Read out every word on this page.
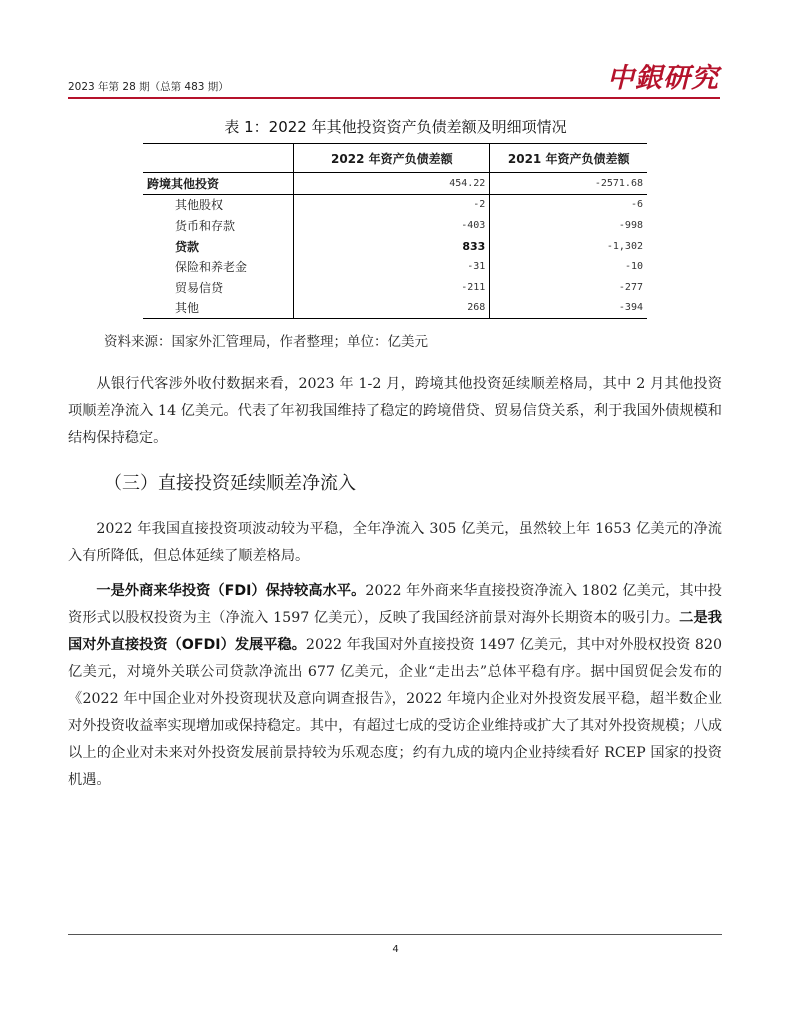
2023 年第 28 期（总第 483 期）	中銀研究
表 1：2022 年其他投资资产负债差额及明细项情况
	2022 年资产负债差额	2021 年资产负债差额
跨境其他投资	454.22	-2571.68
其他股权	-2	-6
货币和存款	-403	-998
贷款	833	-1,302
保险和养老金	-31	-10
贸易信贷	-211	-277
其他	268	-394
资料来源：国家外汇管理局，作者整理；单位：亿美元

从银行代客涉外收付数据来看，2023 年 1-2 月，跨境其他投资延续顺差格局，其中 2 月其他投资项顺差净流入 14 亿美元。代表了年初我国维持了稳定的跨境借贷、贸易信贷关系，利于我国外债规模和结构保持稳定。

（三）直接投资延续顺差净流入

2022 年我国直接投资项波动较为平稳，全年净流入 305 亿美元，虽然较上年 1653 亿美元的净流入有所降低，但总体延续了顺差格局。

一是外商来华投资（FDI）保持较高水平。2022 年外商来华直接投资净流入 1802 亿美元，其中投资形式以股权投资为主（净流入 1597 亿美元），反映了我国经济前景对海外长期资本的吸引力。二是我国对外直接投资（OFDI）发展平稳。2022 年我国对外直接投资 1497 亿美元，其中对外股权投资 820 亿美元，对境外关联公司贷款净流出 677 亿美元，企业“走出去”总体平稳有序。据中国贸促会发布的《2022 年中国企业对外投资现状及意向调查报告》，2022 年境内企业对外投资发展平稳，超半数企业对外投资收益率实现增加或保持稳定。其中，有超过七成的受访企业维持或扩大了其对外投资规模；八成以上的企业对未来对外投资发展前景持较为乐观态度；约有九成的境内企业持续看好 RCEP 国家的投资机遇。

4
